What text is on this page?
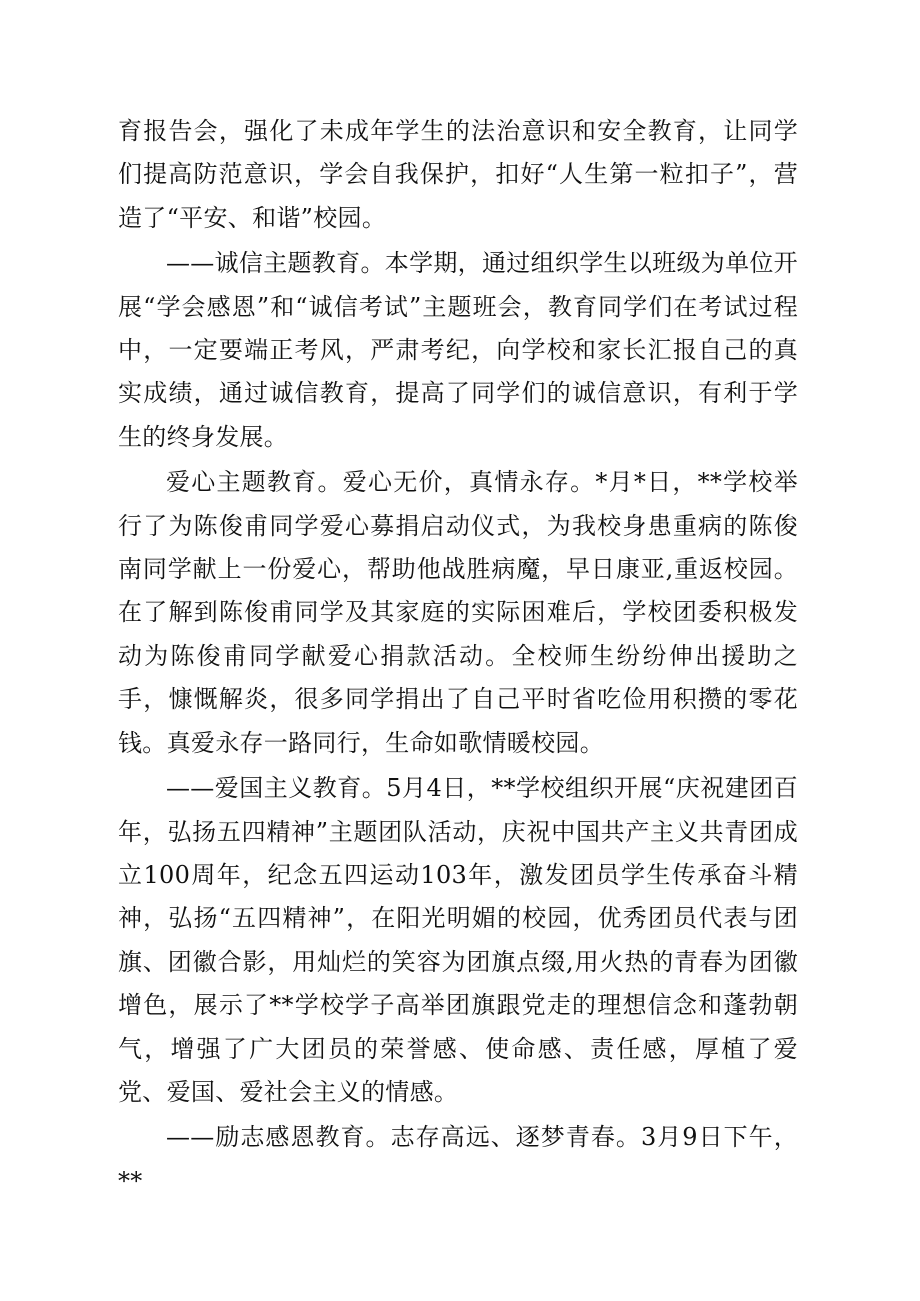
育报告会，强化了未成年学生的法治意识和安全教育，让同学们提高防范意识，学会自我保护，扣好“人生第一粒扣子”，营造了“平安、和谐”校园。

——诚信主题教育。本学期，通过组织学生以班级为单位开展“学会感恩”和“诚信考试”主题班会，教育同学们在考试过程中，一定要端正考风，严肃考纪，向学校和家长汇报自己的真实成绩，通过诚信教育，提高了同学们的诚信意识，有利于学生的终身发展。

爱心主题教育。爱心无价，真情永存。*月*日，**学校举行了为陈俊甫同学爱心募捐启动仪式，为我校身患重病的陈俊南同学献上一份爱心，帮助他战胜病魔，早日康亚,重返校园。在了解到陈俊甫同学及其家庭的实际困难后，学校团委积极发动为陈俊甫同学献爱心捐款活动。全校师生纷纷伸出援助之手，慷慨解炎，很多同学捐出了自己平时省吃俭用积攒的零花钱。真爱永存一路同行，生命如歌情暖校园。

——爱国主义教育。5月4日，**学校组织开展“庆祝建团百年，弘扬五四精神”主题团队活动，庆祝中国共产主义共青团成立100周年，纪念五四运动103年，激发团员学生传承奋斗精神，弘扬“五四精神”，在阳光明媚的校园，优秀团员代表与团旗、团徽合影，用灿烂的笑容为团旗点缀,用火热的青春为团徽增色，展示了**学校学子高举团旗跟党走的理想信念和蓬勃朝气，增强了广大团员的荣誉感、使命感、责任感，厚植了爱党、爱国、爱社会主义的情感。

——励志感恩教育。志存高远、逐梦青春。3月9日下午，**
